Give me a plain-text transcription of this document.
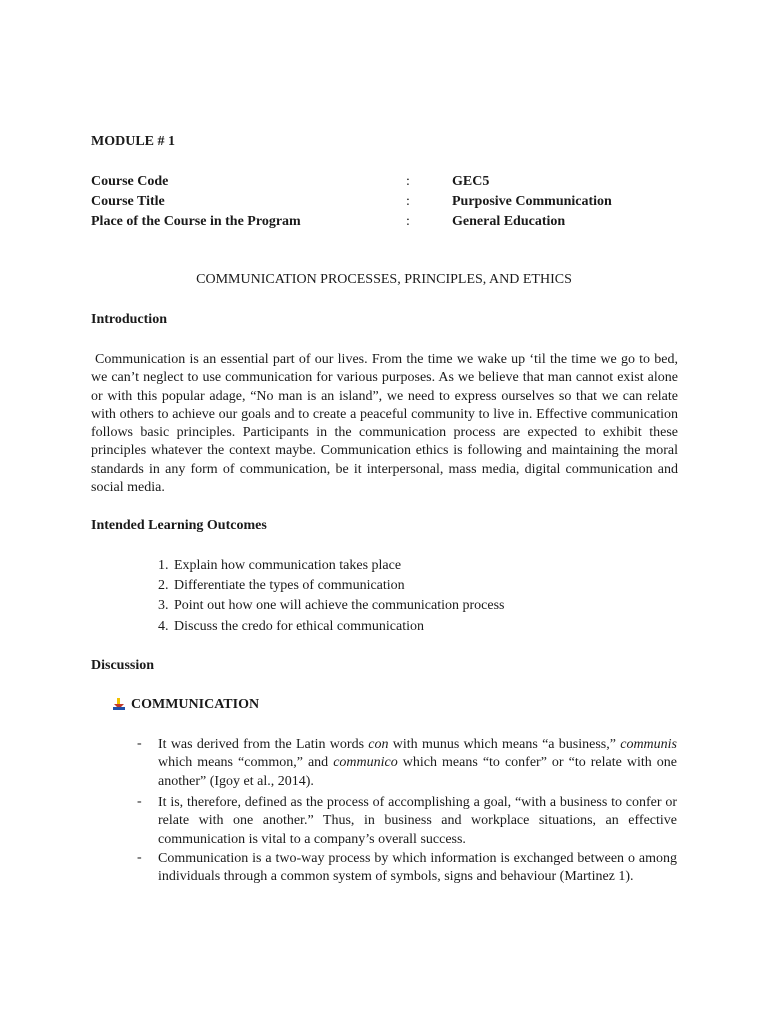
MODULE # 1
Course Code	:	GEC5
Course Title	:	Purposive Communication
Place of the Course in the Program	:	General Education
COMMUNICATION PROCESSES, PRINCIPLES, AND ETHICS
Introduction
Communication is an essential part of our lives. From the time we wake up ‘til the time we go to bed, we can’t neglect to use communication for various purposes. As we believe that man cannot exist alone or with this popular adage, “No man is an island”, we need to express ourselves so that we can relate with others to achieve our goals and to create a peaceful community to live in. Effective communication follows basic principles. Participants in the communication process are expected to exhibit these principles whatever the context maybe. Communication ethics is following and maintaining the moral standards in any form of communication, be it interpersonal, mass media, digital communication and social media.
Intended Learning Outcomes
1. Explain how communication takes place
2. Differentiate the types of communication
3. Point out how one will achieve the communication process
4. Discuss the credo for ethical communication
Discussion
COMMUNICATION
- It was derived from the Latin words con with munus which means “a business,” communis which means “common,” and communico which means “to confer” or “to relate with one another” (Igoy et al., 2014).
- It is, therefore, defined as the process of accomplishing a goal, “with a business to confer or relate with one another.” Thus, in business and workplace situations, an effective communication is vital to a company’s overall success.
- Communication is a two-way process by which information is exchanged between o among individuals through a common system of symbols, signs and behaviour (Martinez 1).
